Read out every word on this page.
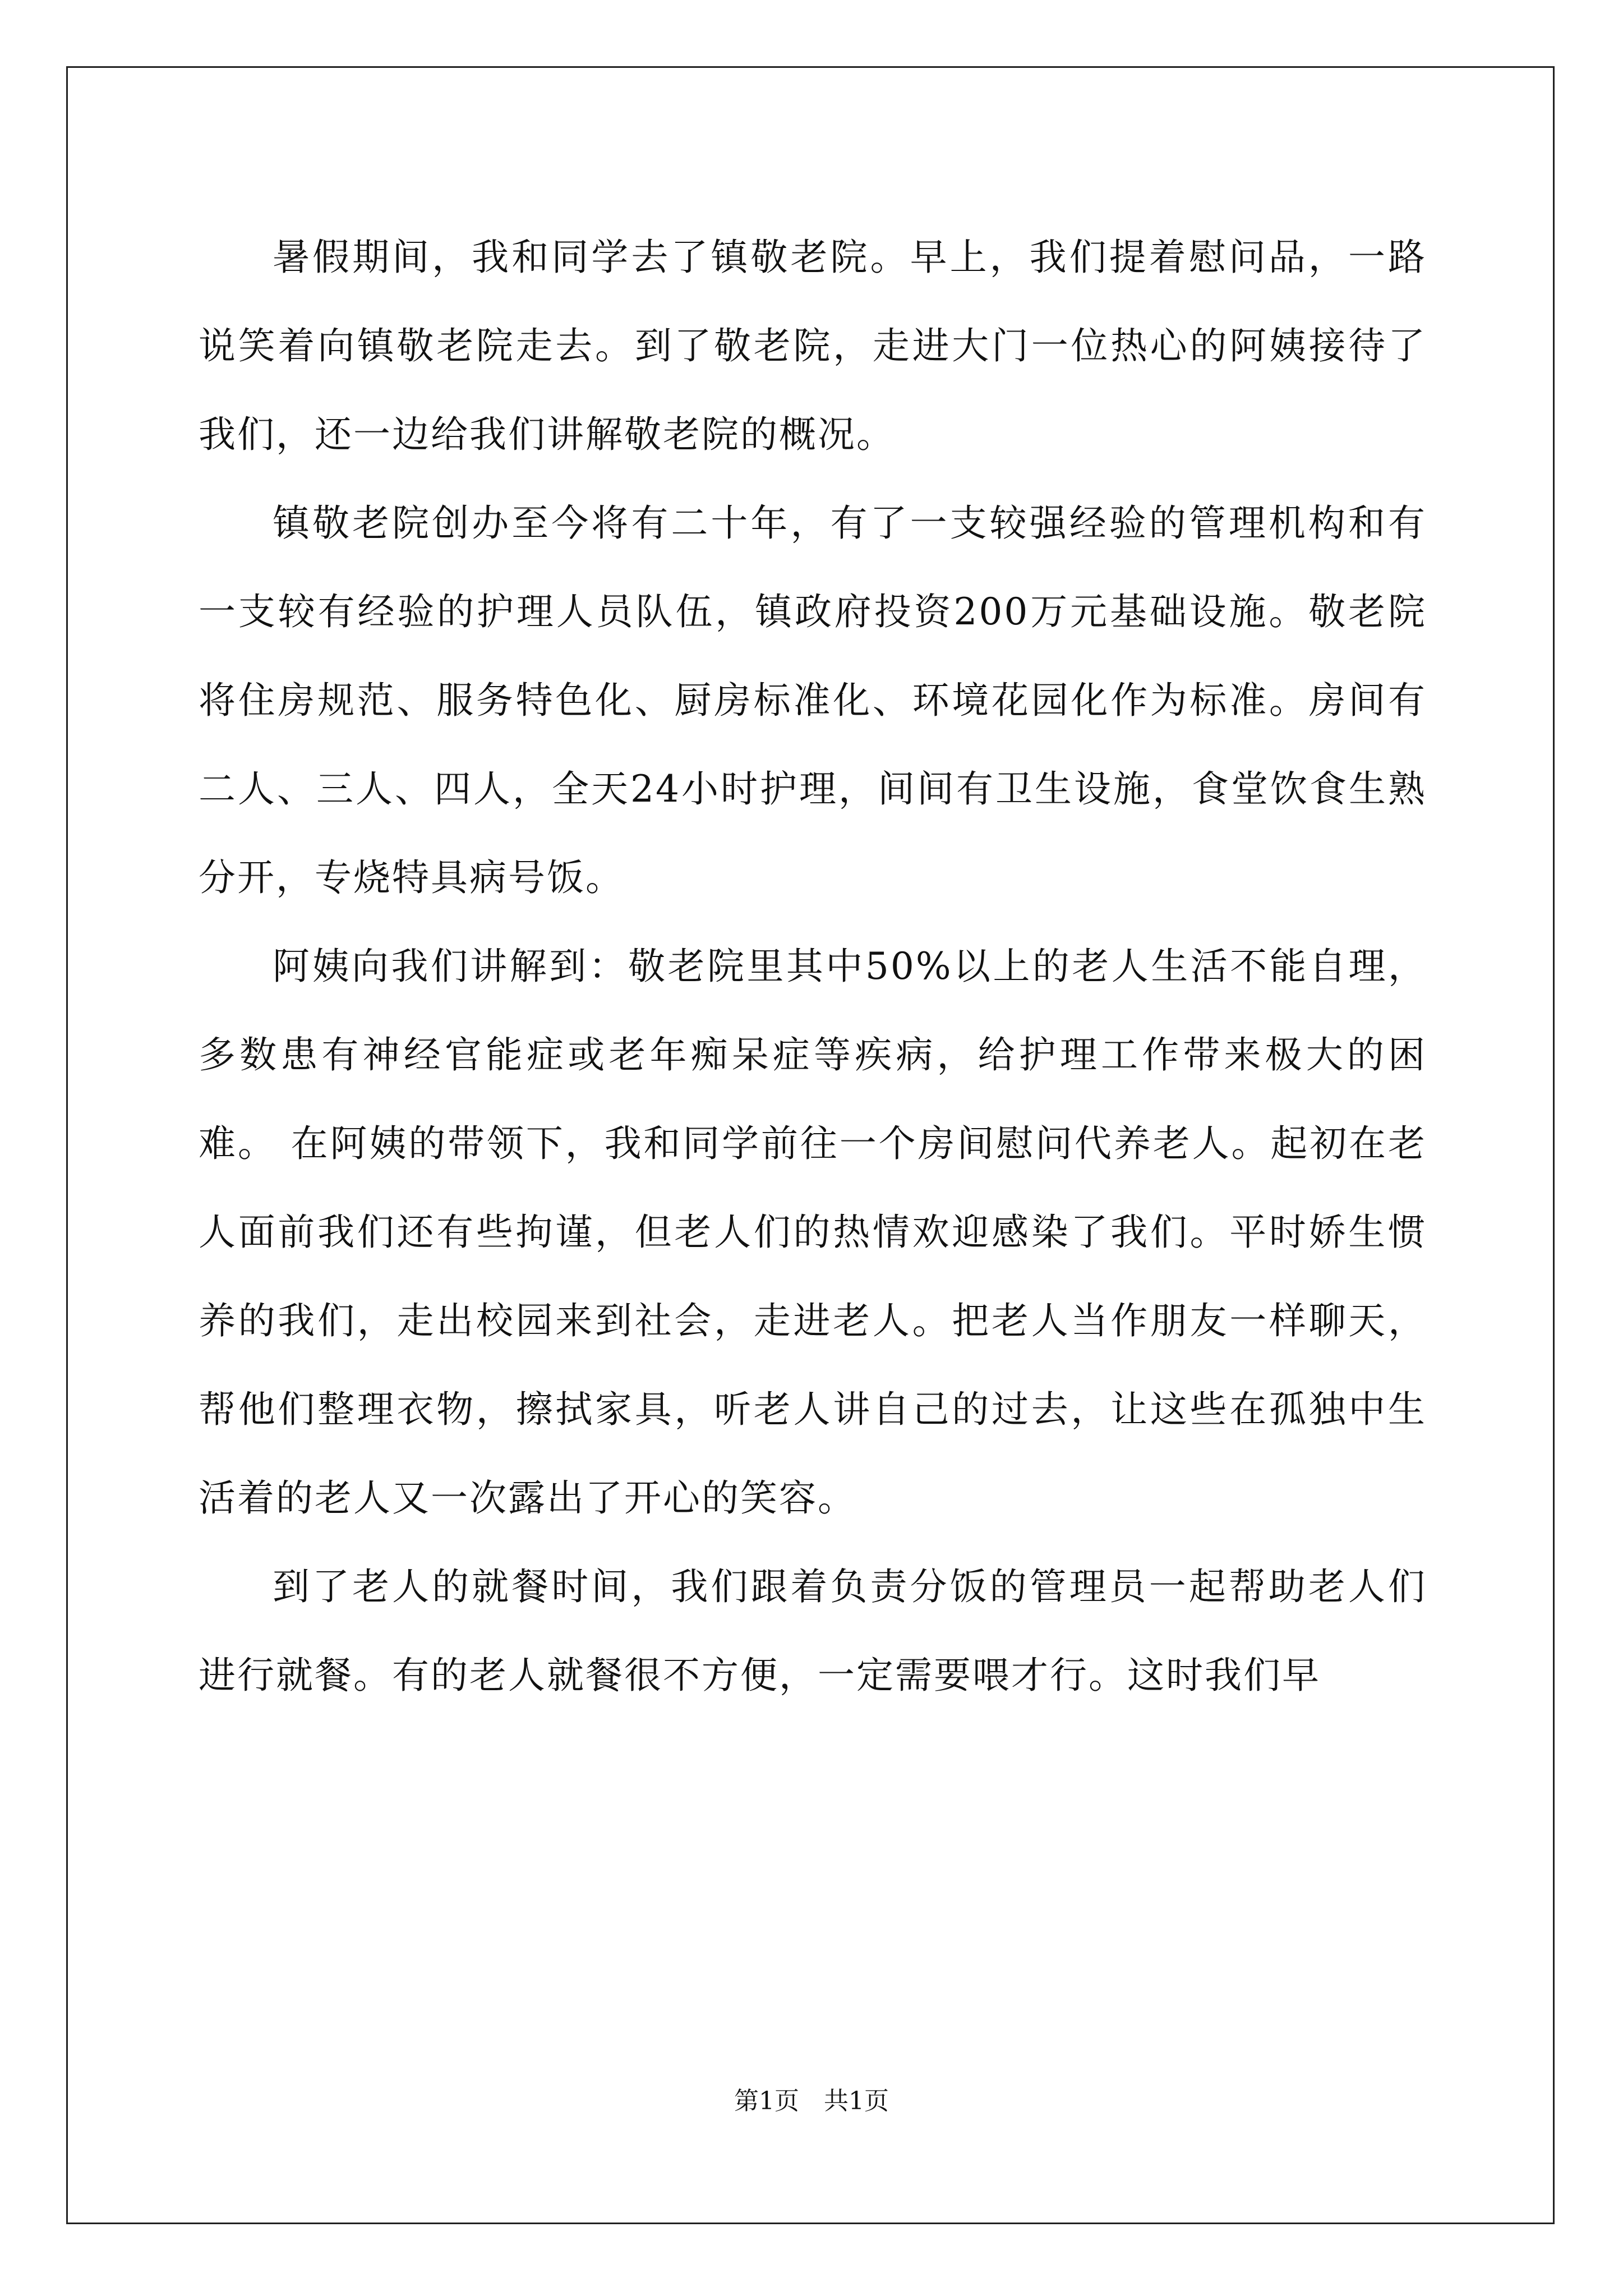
暑假期间，我和同学去了镇敬老院。早上，我们提着慰问品，一路说笑着向镇敬老院走去。到了敬老院，走进大门一位热心的阿姨接待了我们，还一边给我们讲解敬老院的概况。

镇敬老院创办至今将有二十年，有了一支较强经验的管理机构和有一支较有经验的护理人员队伍，镇政府投资200万元基础设施。敬老院将住房规范、服务特色化、厨房标准化、环境花园化作为标准。房间有二人、三人、四人，全天24小时护理，间间有卫生设施，食堂饮食生熟分开，专烧特具病号饭。

阿姨向我们讲解到：敬老院里其中50%以上的老人生活不能自理，多数患有神经官能症或老年痴呆症等疾病，给护理工作带来极大的困难。 在阿姨的带领下，我和同学前往一个房间慰问代养老人。起初在老人面前我们还有些拘谨，但老人们的热情欢迎感染了我们。平时娇生惯养的我们，走出校园来到社会，走进老人。把老人当作朋友一样聊天，帮他们整理衣物，擦拭家具，听老人讲自己的过去，让这些在孤独中生活着的老人又一次露出了开心的笑容。

到了老人的就餐时间，我们跟着负责分饭的管理员一起帮助老人们进行就餐。有的老人就餐很不方便，一定需要喂才行。这时我们早

第1页 共1页
